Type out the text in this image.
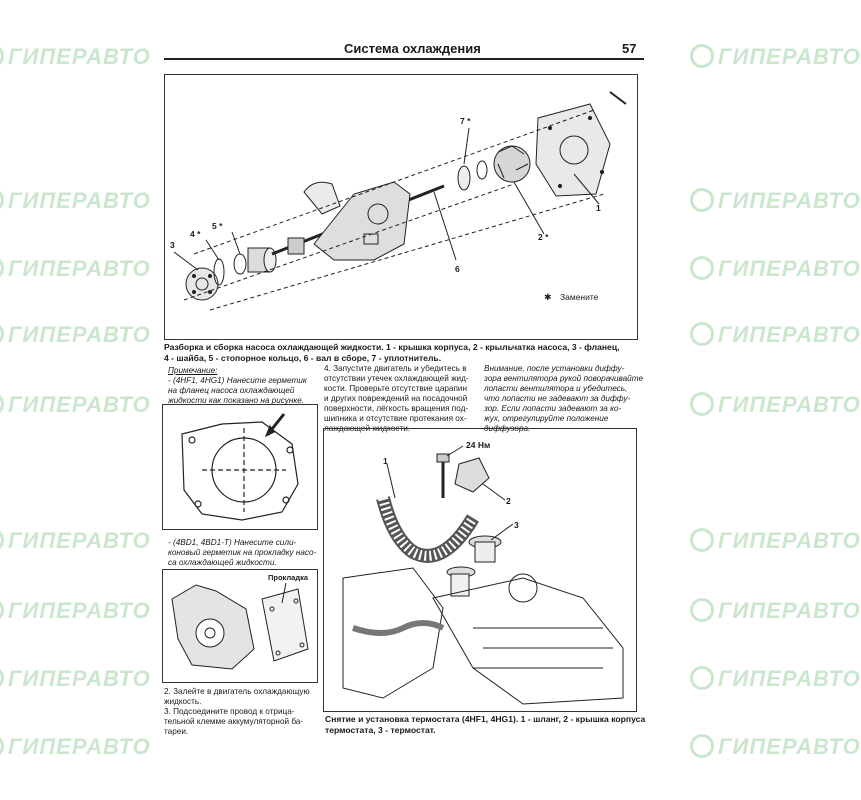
ГИПЕРАВТО
ГИПЕРАВТО
ГИПЕРАВТО
ГИПЕРАВТО
ГИПЕРАВТО
ГИПЕРАВТО
ГИПЕРАВТО
ГИПЕРАВТО
ГИПЕРАВТО
ГИПЕРАВТО
ГИПЕРАВТО
ГИПЕРАВТО
ГИПЕРАВТО
ГИПЕРАВТО
ГИПЕРАВТО
ГИПЕРАВТО
ГИПЕРАВТО
ГИПЕРАВТО
Система охлаждения	57
✱
1
2 *
3
4 *
5 *
6
7 *
Замените
Разборка и сборка насоса охлаждающей жидкости. 1 - крышка корпуса, 2 - крыльчатка насоса, 3 - фланец,
4 - шайба, 5 - стопорное кольцо, 6 - вал в сборе, 7 - уплотнитель.
Примечание:
- (4HF1, 4HG1) Нанесите гермeтик
на фланец насоса охлаждающей
жидкости как показано на рисунке.
- (4BD1, 4BD1-T) Нанесите сили-
коновый герметик на прокладку насо-
са охлаждающей жидкости.
Прокладка
2. Залейте в двигатель охлаждающую
жидкость.
3. Подсоедините провод к отрица-
тельной клемме аккумуляторной ба-
тареи.
4. Запустите двигатель и убедитесь в
отсутствии утечек охлаждающей жид-
кости. Проверьте отсутствие царапин
и других повреждений на посадочной
поверхности, лёгкость вращения под-
шипника и отсутствие протекания ох-
лаждающей жидкости.
Внимание, после установки диффу-
зора вентилятора рукой поворачивайте
лопасти вентилятора и убедитесь,
что лопасти не задевают за диффу-
зор. Если лопасти задевают за ко-
жух, отрегулируйте положение
диффузора.
24 Нм
1
2
3
Снятие и установка термостата (4HF1, 4HG1). 1 - шланг, 2 - крышка корпуса
термостата, 3 - термостат.
